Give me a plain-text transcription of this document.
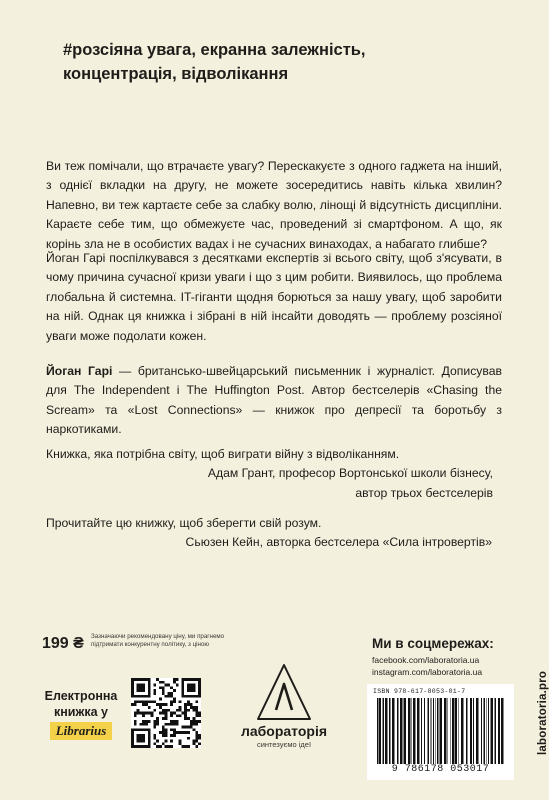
#розсіяна увага, екранна залежність,
концентрація, відволікання

Ви теж помічали, що втрачаєте увагу? Перескакуєте з одного гаджета на інший, з однієї вкладки на другу, не можете зосередитись навіть кілька хвилин? Напевно, ви теж картаєте себе за слабку волю, лінощі й відсутність дисципліни. Караєте себе тим, що обмежуєте час, проведений зі смартфоном. А що, як корінь зла не в особистих вадах і не сучасних винаходах, а набагато глибше?

Йоган Гарі поспілкувався з десятками експертів зі всього світу, щоб з'ясувати, в чому причина сучасної кризи уваги і що з цим робити. Виявилось, що проблема глобальна й системна. IT-гіганти щодня борються за нашу увагу, щоб заробити на ній. Однак ця книжка і зібрані в ній інсайти доводять — проблему розсіяної уваги може подолати кожен.

Йоган Гарі — британсько-швейцарський письменник і журналіст. Дописував для The Independent і The Huffington Post. Автор бестселерів «Chasing the Scream» та «Lost Connections» — книжок про депресії та боротьбу з наркотиками.

Книжка, яка потрібна світу, щоб виграти війну з відволіканням.
Адам Грант, професор Вортонської школи бізнесу,
автор трьох бестселерів
Прочитайте цю книжку, щоб зберегти свій розум.
Сьюзен Кейн, авторка бестселера «Сила інтровертів»
199 ₴ Зазначаючи рекомендовану ціну, ми прагнемо підтримати конкурентну політику, з ціною
Електронна
книжка у
Librarius	лабораторія
синтезуємо ідеї
Ми в соцмережах:
facebook.com/laboratoria.ua
instagram.com/laboratoria.ua
ISBN 978-617-8053-01-7
9 786178 053017
laboratoria.pro
